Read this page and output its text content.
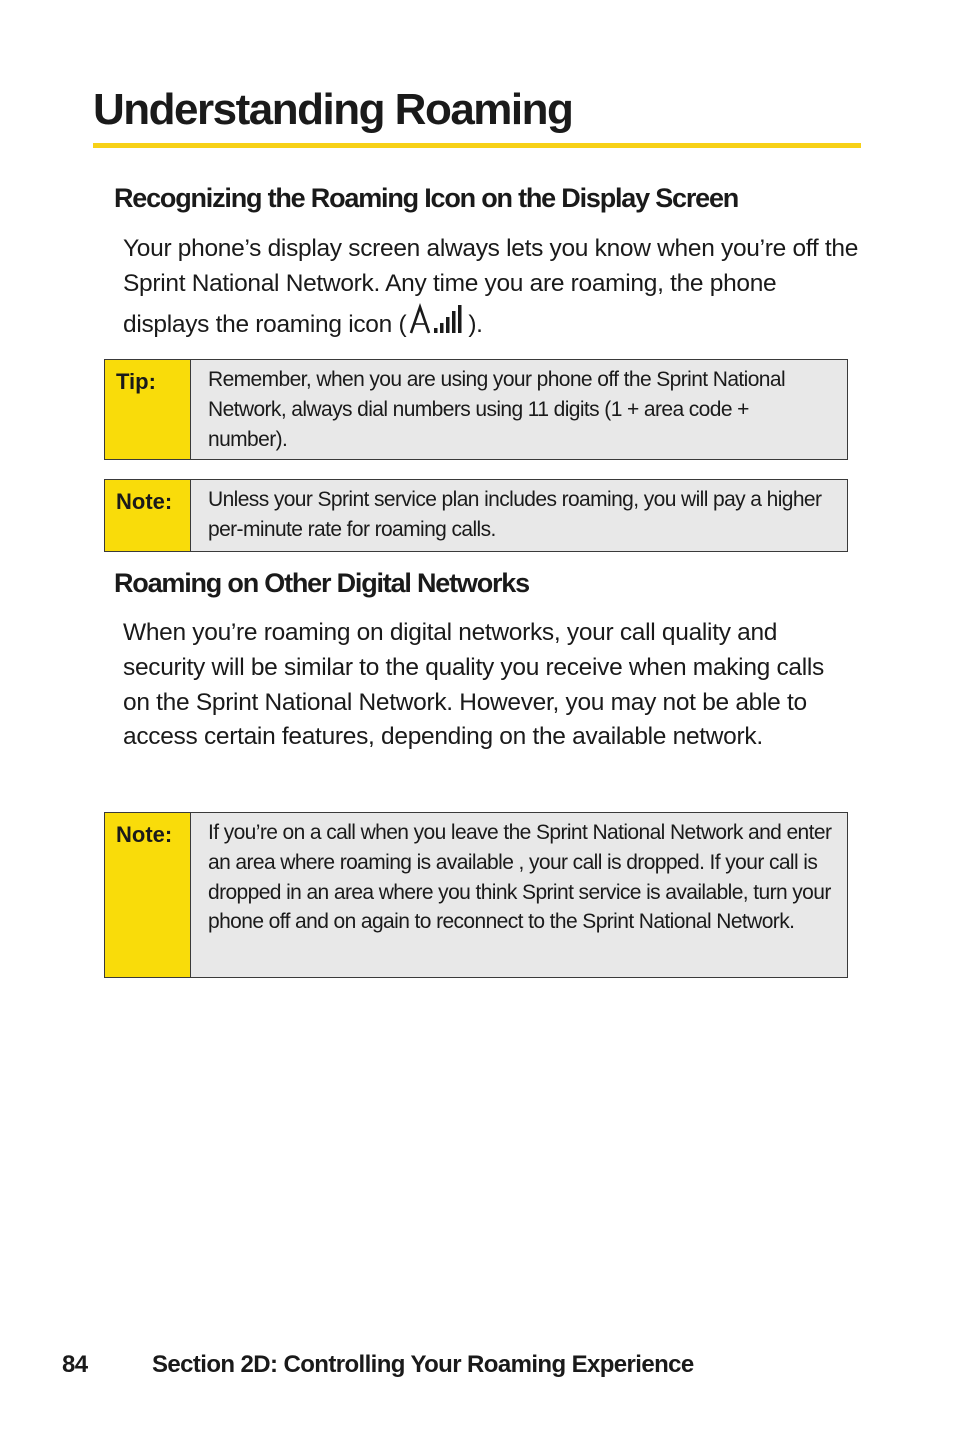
Understanding Roaming
Recognizing the Roaming Icon on the Display Screen

Your phone’s display screen always lets you know when you’re off the Sprint National Network. Any time you are roaming, the phone displays the roaming icon (	).

Tip:	Remember, when you are using your phone off the Sprint National Network, always dial numbers using 11 digits (1 + area code + number).
Note:	Unless your Sprint service plan includes roaming, you will pay a higher per-minute rate for roaming calls.
Roaming on Other Digital Networks

When you’re roaming on digital networks, your call quality and security will be similar to the quality you receive when making calls on the Sprint National Network. However, you may not be able to access certain features, depending on the available network.

Note:	If you’re on a call when you leave the Sprint National Network and enter an area where roaming is available , your call is dropped. If your call is dropped in an area where you think Sprint service is available, turn your phone off and on again to reconnect to the Sprint National Network.
84	Section 2D: Controlling Your Roaming Experience
